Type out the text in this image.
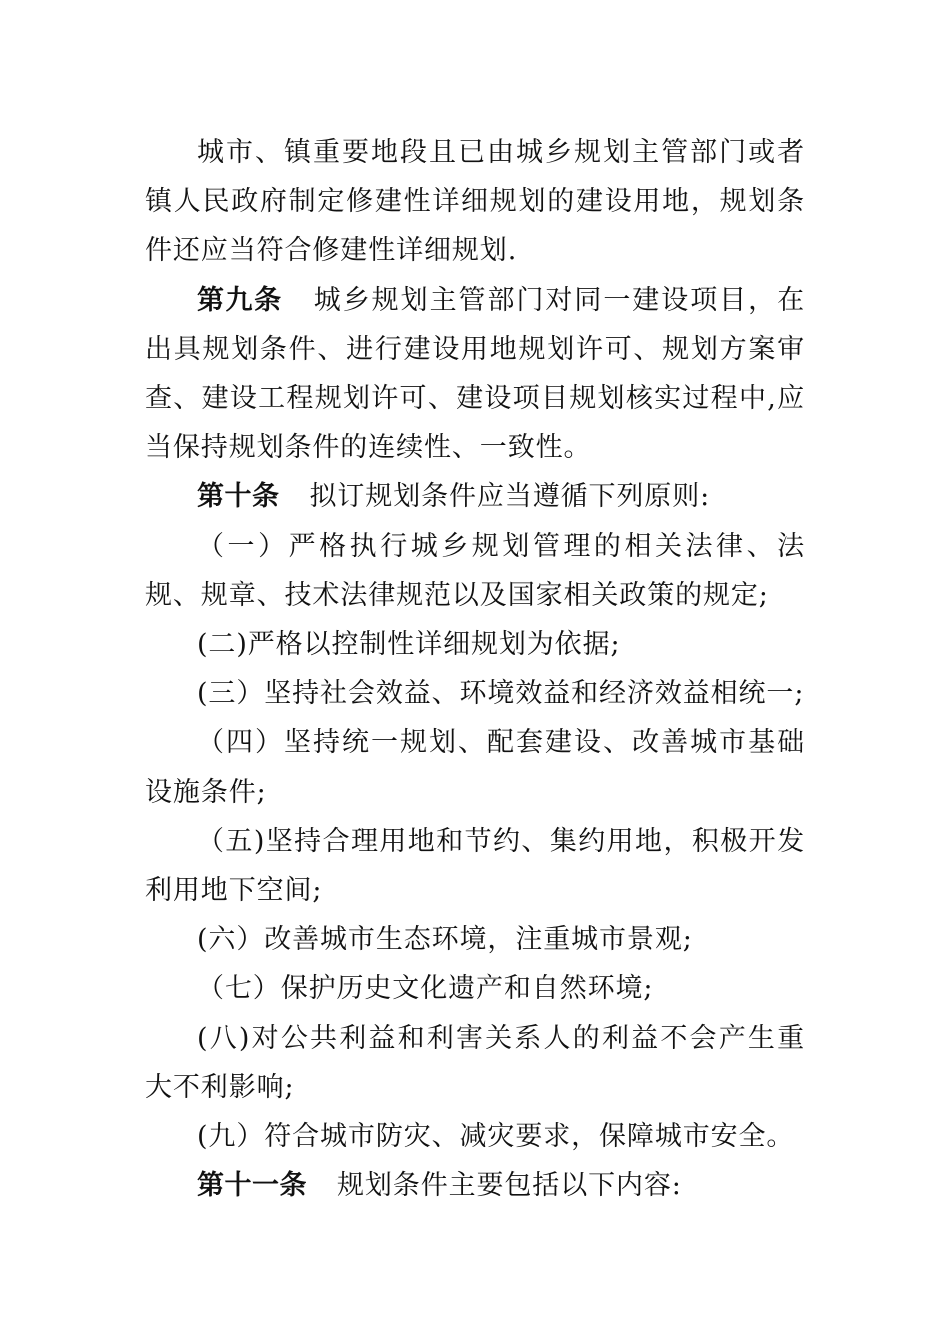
城市、镇重要地段且已由城乡规划主管部门或者镇人民政府制定修建性详细规划的建设用地，规划条件还应当符合修建性详细规划.

第九条 城乡规划主管部门对同一建设项目，在出具规划条件、进行建设用地规划许可、规划方案审查、建设工程规划许可、建设项目规划核实过程中,应当保持规划条件的连续性、一致性。

第十条 拟订规划条件应当遵循下列原则:

（一）严格执行城乡规划管理的相关法律、法规、规章、技术法律规范以及国家相关政策的规定;

(二)严格以控制性详细规划为依据;

(三）坚持社会效益、环境效益和经济效益相统一;

（四）坚持统一规划、配套建设、改善城市基础设施条件;

（五)坚持合理用地和节约、集约用地，积极开发利用地下空间;

(六）改善城市生态环境，注重城市景观;

（七）保护历史文化遗产和自然环境;

(八)对公共利益和利害关系人的利益不会产生重大不利影响;

(九）符合城市防灾、减灾要求，保障城市安全。

第十一条 规划条件主要包括以下内容:
